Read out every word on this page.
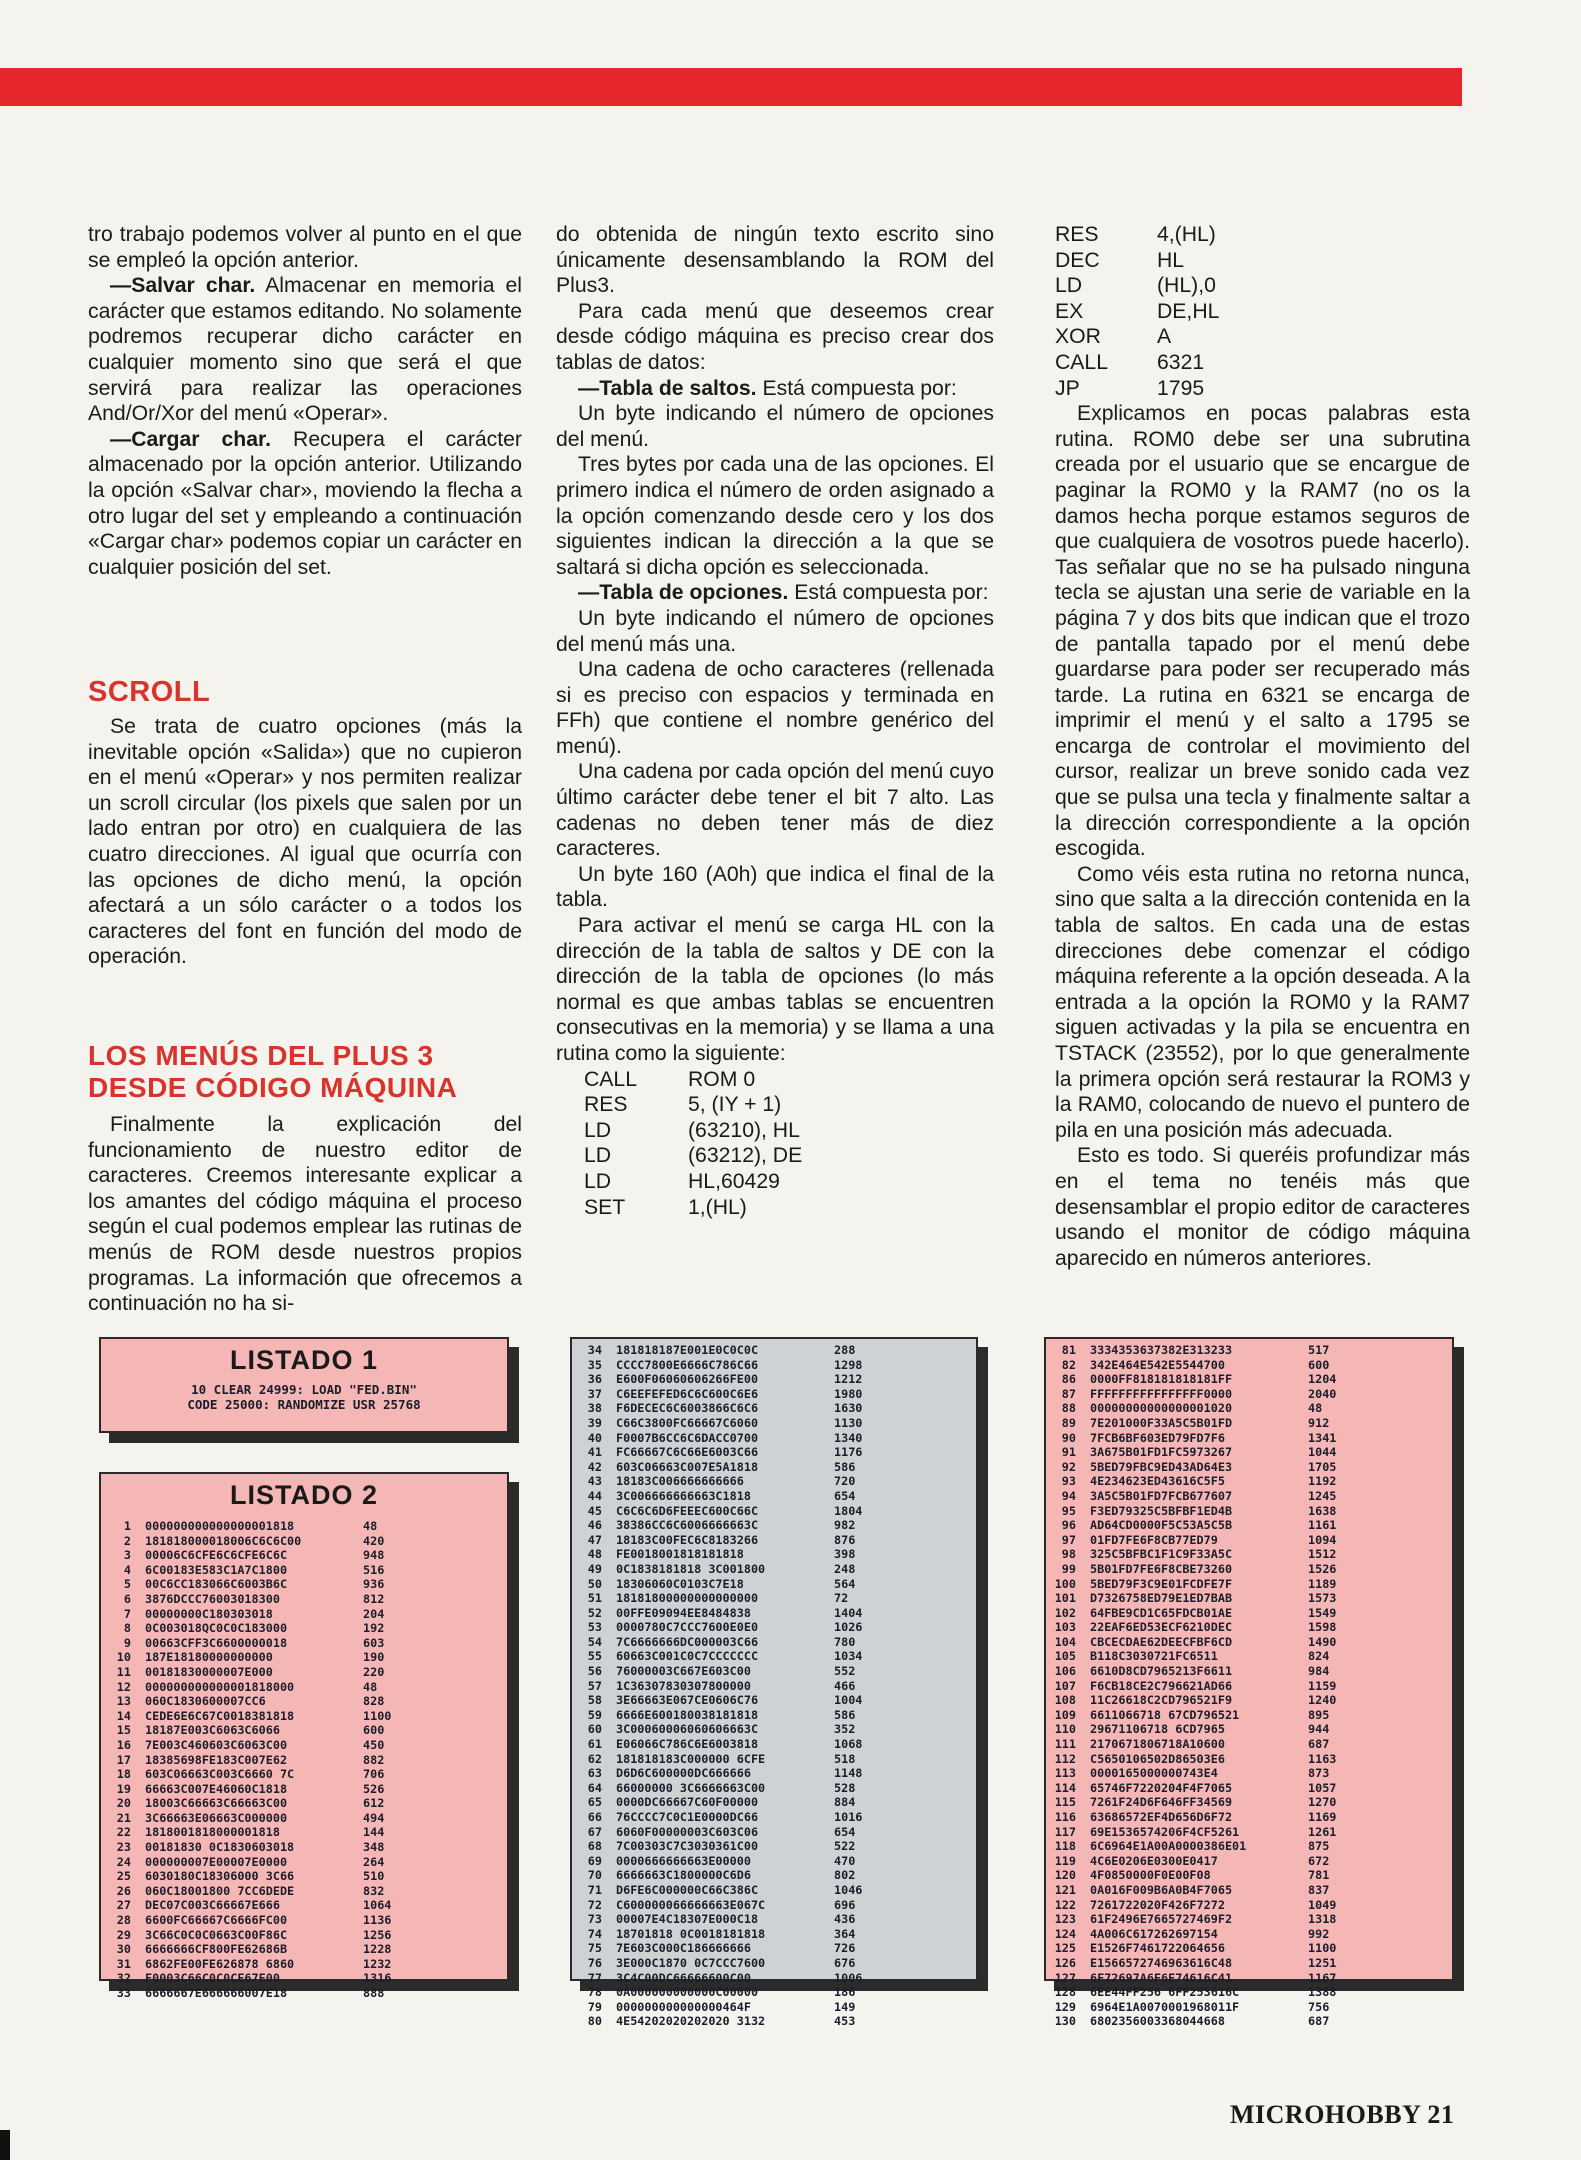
tro trabajo podemos volver al punto en el que se empleó la opción anterior.

—Salvar char. Almacenar en memoria el carácter que estamos editando. No solamente podremos recuperar dicho carácter en cualquier momento sino que será el que servirá para realizar las operaciones And/Or/Xor del menú «Operar».

—Cargar char. Recupera el carácter almacenado por la opción anterior. Utilizando la opción «Salvar char», moviendo la flecha a otro lugar del set y empleando a continuación «Cargar char» podemos copiar un carácter en cualquier posición del set.

SCROLL

Se trata de cuatro opciones (más la inevitable opción «Salida») que no cupieron en el menú «Operar» y nos permiten realizar un scroll circular (los pixels que salen por un lado entran por otro) en cualquiera de las cuatro direcciones. Al igual que ocurría con las opciones de dicho menú, la opción afectará a un sólo carácter o a todos los caracteres del font en función del modo de operación.

LOS MENÚS DEL PLUS 3 DESDE CÓDIGO MÁQUINA

Finalmente la explicación del funcionamiento de nuestro editor de caracteres. Creemos interesante explicar a los amantes del código máquina el proceso según el cual podemos emplear las rutinas de menús de ROM desde nuestros propios programas. La información que ofrecemos a continuación no ha si-

do obtenida de ningún texto escrito sino únicamente desensamblando la ROM del Plus3.

Para cada menú que deseemos crear desde código máquina es preciso crear dos tablas de datos:

—Tabla de saltos. Está compuesta por:

Un byte indicando el número de opciones del menú.

Tres bytes por cada una de las opciones. El primero indica el número de orden asignado a la opción comenzando desde cero y los dos siguientes indican la dirección a la que se saltará si dicha opción es seleccionada.

—Tabla de opciones. Está compuesta por:

Un byte indicando el número de opciones del menú más una.

Una cadena de ocho caracteres (rellenada si es preciso con espacios y terminada en FFh) que contiene el nombre genérico del menú).

Una cadena por cada opción del menú cuyo último carácter debe tener el bit 7 alto. Las cadenas no deben tener más de diez caracteres.

Un byte 160 (A0h) que indica el final de la tabla.

Para activar el menú se carga HL con la dirección de la tabla de saltos y DE con la dirección de la tabla de opciones (lo más normal es que ambas tablas se encuentren consecutivas en la memoria) y se llama a una rutina como la siguiente:

CALL	ROM 0
RES	5, (IY + 1)
LD	(63210), HL
LD	(63212), DE
LD	HL,60429
SET	1,(HL)
RES	4,(HL)
DEC	HL
LD	(HL),0
EX	DE,HL
XOR	A
CALL	6321
JP	1795

Explicamos en pocas palabras esta rutina. ROM0 debe ser una subrutina creada por el usuario que se encargue de paginar la ROM0 y la RAM7 (no os la damos hecha porque estamos seguros de que cualquiera de vosotros puede hacerlo). Tas señalar que no se ha pulsado ninguna tecla se ajustan una serie de variable en la página 7 y dos bits que indican que el trozo de pantalla tapado por el menú debe guardarse para poder ser recuperado más tarde. La rutina en 6321 se encarga de imprimir el menú y el salto a 1795 se encarga de controlar el movimiento del cursor, realizar un breve sonido cada vez que se pulsa una tecla y finalmente saltar a la dirección correspondiente a la opción escogida.

Como véis esta rutina no retorna nunca, sino que salta a la dirección contenida en la tabla de saltos. En cada una de estas direcciones debe comenzar el código máquina referente a la opción deseada. A la entrada a la opción la ROM0 y la RAM7 siguen activadas y la pila se encuentra en TSTACK (23552), por lo que generalmente la primera opción será restaurar la ROM3 y la RAM0, colocando de nuevo el puntero de pila en una posición más adecuada.

Esto es todo. Si queréis profundizar más en el tema no tenéis más que desensamblar el propio editor de caracteres usando el monitor de código máquina aparecido en números anteriores.

LISTADO 1
10 CLEAR 24999: LOAD "FED.BIN"
CODE 25000: RANDOMIZE USR 25768
LISTADO 2
1 000000000000000001818	48
2 181818000018006C6C6C00	420
3 00006C6CFE6C6CFE6C6C	948
4 6C0018ЗE583C1A7C1800	516
5 00C6CC183066C6003B6C	936
6 3876DCCC76003018300	812
7 00000000C180303018	204
8 0C003018QC0C0C183000	192
9 00663CFF3C6600000018	603
10 187E18180000000000	190
11 00181830000007E000	220
12 000000000000001818000	48
13 060C1830600007CC6	828
14 CEDE6E6C67C0018381818	1100
15 18187E003C6063C6066	600
16 7E003C460603C6063C00	450
17 18385698FE183C007E62	882
18 603C06663C003C6660 7C	706
19 66663C007E46060C1818	526
20 18003C66663C66663C00	612
21 3C66663E06663C000000	494
22 1818001818000001818	144
23 00181830 0C1830603018	348
24 000000007E00007E0000	264
25 6030180C18306000 3C66	510
26 060C18001800 7CC6DEDE	832
27 DEC07C003C66667E666	1064
28 6600FC66667C6666FC00	1136
29 3C66C0C0C0663C00F86C	1256
30 6666666CF800FE62686B	1228
31 6862FE00FE626878 6860	1232
32 F0003C66C0C0CE67E00	1316
33 6666667E666666007E18	888
34 181818187E001E0C0C0C	288
35 CCCC7800E6666C786C66	1298
36 E600F06060606266FE00	1212
37 C6EEFEFED6C6C600C6E6	1980
38 F6DECEC6C6003866C6C6	1630
39 C66C3800FC66667C6060	1130
40 F0007B6CC6C6DACC0700	1340
41 FC66667C6C66E6003C66	1176
42 603C06663C007E5A1818	586
43 18183C006666666666	720
44 3C006666666663C1818	654
45 C6C6C6D6FEEEC600C66C	1804
46 38386CC6C6006666663C	982
47 18183C00FEC6C8183266	876
48 FE0018001818181818	398
49 0C1838181818 3C001800	248
50 18306060C0103C7E18	564
51 18181800000000000000	72
52 00FFE09094EE8484838	1404
53 0000780C7CCC7600E0E0	1026
54 7C6666666DC000003C66	780
55 60663C001C0C7CCCCCCC	1034
56 76000003C667E603C00	552
57 1C36307830307800000	466
58 3E66663E067CE0606C76	1004
59 6666E600180038181818	586
60 3C00060006060606663C	352
61 E06066C786C6E6003818	1068
62 181818183C000000 6CFE	518
63 D6D6C600000DC666666	1148
64 66000000 3C6666663C00	528
65 0000DC66667C60F00000	884
66 76CCCC7C0C1E0000DC66	1016
67 6060F00000003C603C06	654
68 7C00303C7C3030361C00	522
69 0000666666663E00000	470
70 6666663C1800000C6D6	802
71 D6FE6C000000C66C386C	1046
72 C600000066666663E067C	696
73 00007E4C18307E000C18	436
74 18701818 0C0018181818	364
75 7E603C000C186666666	726
76 3E000C1870 0C7CCC7600	676
77 3C4C00DC66666600C00	1006
78 0A000000000000C00000	186
79 000000000000000464F	149
80 4E54202020202020 3132	453
81 3334353637382E313233	517
82 342E464E542E5544700	600
86 0000FF818181818181FF	1204
87 FFFFFFFFFFFFFFFF0000	2040
88 00000000000000001020	48
89 7E201000F33A5C5B01FD	912
90 7FCB6BF603ED79FD7F6	1341
91 3A675B01FD1FC5973267	1044
92 5BED79FBC9ED43AD64E3	1705
93 4E234623ED43616C5F5	1192
94 3A5C5B01FD7FCB677607	1245
95 F3ED79325C5BFBF1ED4B	1638
96 AD64CD0000F5C53A5C5B	1161
97 01FD7FE6F8CB77ED79	1094
98 325C5BFBC1F1C9F33A5C	1512
99 5B01FD7FE6F8CBE73260	1526
100 5BED79F3C9E01FCDFE7F	1189
101 D7326758ED79E1ED7BAB	1573
102 64FBE9CD1C65FDCB01AE	1549
103 22EAF6ED53ECF6210DEC	1598
104 CBCECDAE62DEECFBF6CD	1490
105 B118C3030721FC6511	824
106 6610D8CD7965213F6611	984
107 F6CB18CE2C796621AD66	1159
108 11C26618C2CD796521F9	1240
109 6611066718 67CD796521	895
110 29671106718 6CD7965	944
111 2170671806718A10600	687
112 C5650106502D86503E6	1163
113 0000165000000743E4	873
114 65746F7220204F4F7065	1057
115 7261F24D6F646FF34569	1270
116 63686572EF4D656D6F72	1169
117 69E1536574206F4CF5261	1261
118 6C6964E1A00A0000386E01	875
119 4C6E0206E0300E0417	672
120 4F0850000F0E00F08	781
121 0A016F009B6A0B4F7065	837
122 7261722020F426F7272	1049
123 61F2496E7665727469F2	1318
124 4A006C617262697154	992
125 E1526F7461722064656	1100
126 E1566572746963616C48	1251
127 6F72697A6F6E74616C41	1167
128 6EE44FF256 6FF253616C	1388
129 6964E1A0070001968011F	756
130 6802356003368044668	687
MICROHOBBY 21
